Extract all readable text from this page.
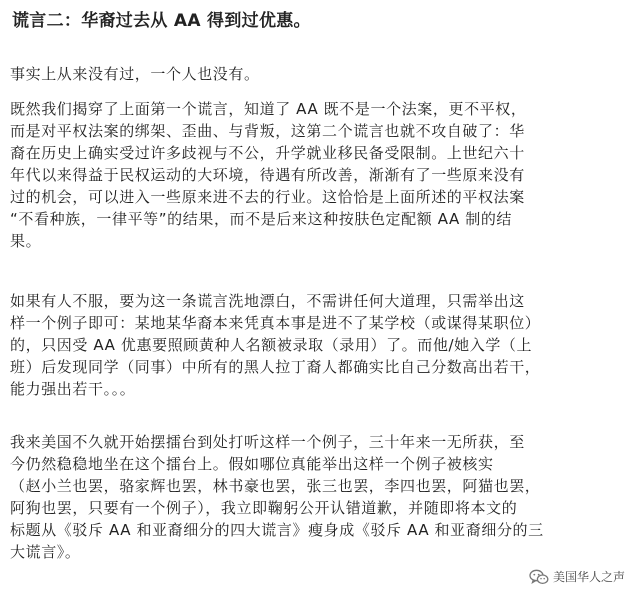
谎言二：华裔过去从 AA 得到过优惠。
事实上从来没有过，一个人也没有。
既然我们揭穿了上面第一个谎言，知道了 AA 既不是一个法案，更不平权，
而是对平权法案的绑架、歪曲、与背叛，这第二个谎言也就不攻自破了：华
裔在历史上确实受过许多歧视与不公，升学就业移民备受限制。上世纪六十
年代以来得益于民权运动的大环境，待遇有所改善，渐渐有了一些原来没有
过的机会，可以进入一些原来进不去的行业。这恰恰是上面所述的平权法案
“不看种族，一律平等”的结果，而不是后来这种按肤色定配额 AA 制的结
果。
如果有人不服，要为这一条谎言洗地漂白，不需讲任何大道理，只需举出这
样一个例子即可：某地某华裔本来凭真本事是进不了某学校（或谋得某职位）
的，只因受 AA 优惠要照顾黄种人名额被录取（录用）了。而他/她入学（上
班）后发现同学（同事）中所有的黑人拉丁裔人都确实比自己分数高出若干，
能力强出若干。。。
我来美国不久就开始摆擂台到处打听这样一个例子，三十年来一无所获，至
今仍然稳稳地坐在这个擂台上。假如哪位真能举出这样一个例子被核实
（赵小兰也罢，骆家辉也罢，林书豪也罢，张三也罢，李四也罢，阿猫也罢，
阿狗也罢，只要有一个例子），我立即鞠躬公开认错道歉，并随即将本文的
标题从《驳斥 AA 和亚裔细分的四大谎言》瘦身成《驳斥 AA 和亚裔细分的三
大谎言》。
美国华人之声
